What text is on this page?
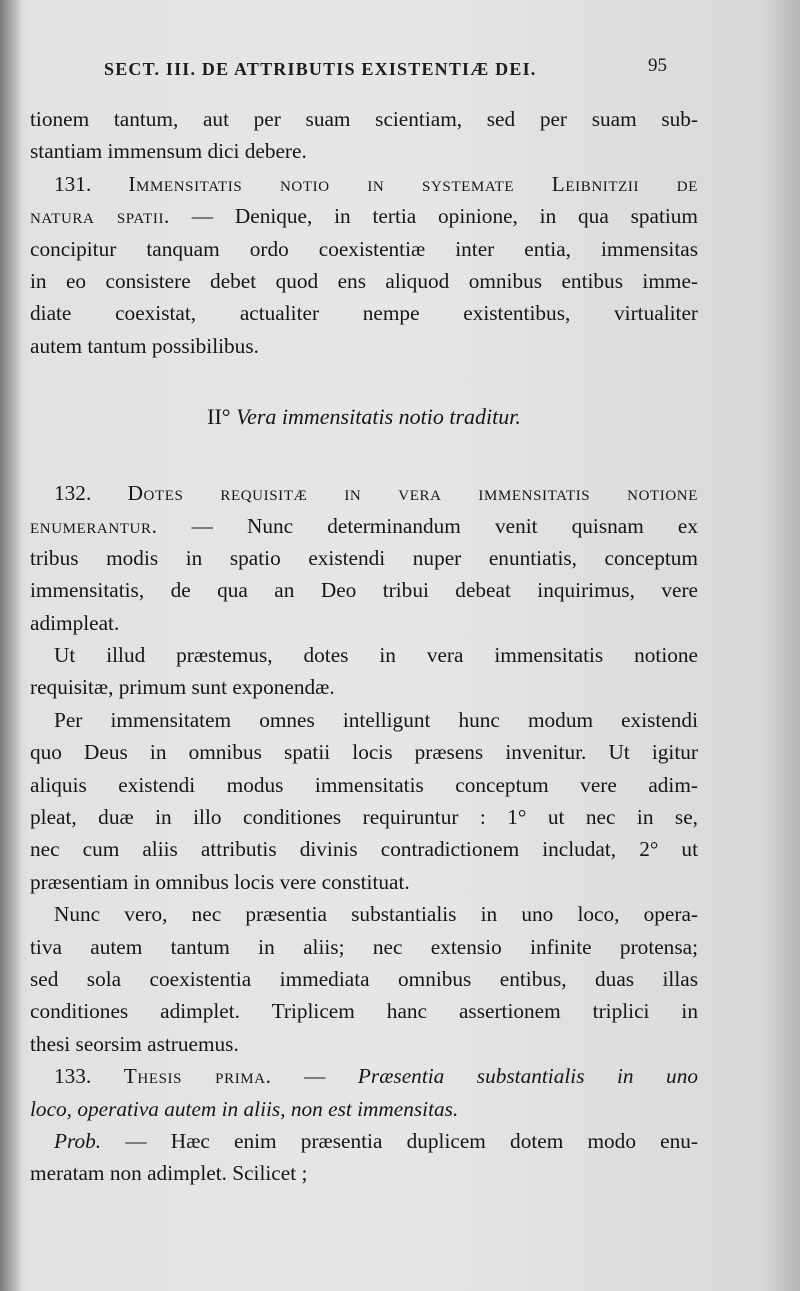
SECT. III. DE ATTRIBUTIS EXISTENTIÆ DEI.	95
tionem tantum, aut per suam scientiam, sed per suam sub-
stantiam immensum dici debere.
131. Immensitatis notio in systemate Leibnitzii de
natura spatii. — Denique, in tertia opinione, in qua spatium
concipitur tanquam ordo coexistentiæ inter entia, immensitas
in eo consistere debet quod ens aliquod omnibus entibus imme-
diate coexistat, actualiter nempe existentibus, virtualiter
autem tantum possibilibus.
II° Vera immensitatis notio traditur.
132. Dotes requisitæ in vera immensitatis notione
enumerantur. — Nunc determinandum venit quisnam ex
tribus modis in spatio existendi nuper enuntiatis, conceptum
immensitatis, de qua an Deo tribui debeat inquirimus, vere
adimpleat.
Ut illud præstemus, dotes in vera immensitatis notione
requisitæ, primum sunt exponendæ.
Per immensitatem omnes intelligunt hunc modum existendi
quo Deus in omnibus spatii locis præsens invenitur. Ut igitur
aliquis existendi modus immensitatis conceptum vere adim-
pleat, duæ in illo conditiones requiruntur : 1° ut nec in se,
nec cum aliis attributis divinis contradictionem includat, 2° ut
præsentiam in omnibus locis vere constituat.
Nunc vero, nec præsentia substantialis in uno loco, opera-
tiva autem tantum in aliis; nec extensio infinite protensa;
sed sola coexistentia immediata omnibus entibus, duas illas
conditiones adimplet. Triplicem hanc assertionem triplici in
thesi seorsim astruemus.
133. Thesis prima. — Præsentia substantialis in uno
loco, operativa autem in aliis, non est immensitas.
Prob. — Hæc enim præsentia duplicem dotem modo enu-
meratam non adimplet. Scilicet ;
